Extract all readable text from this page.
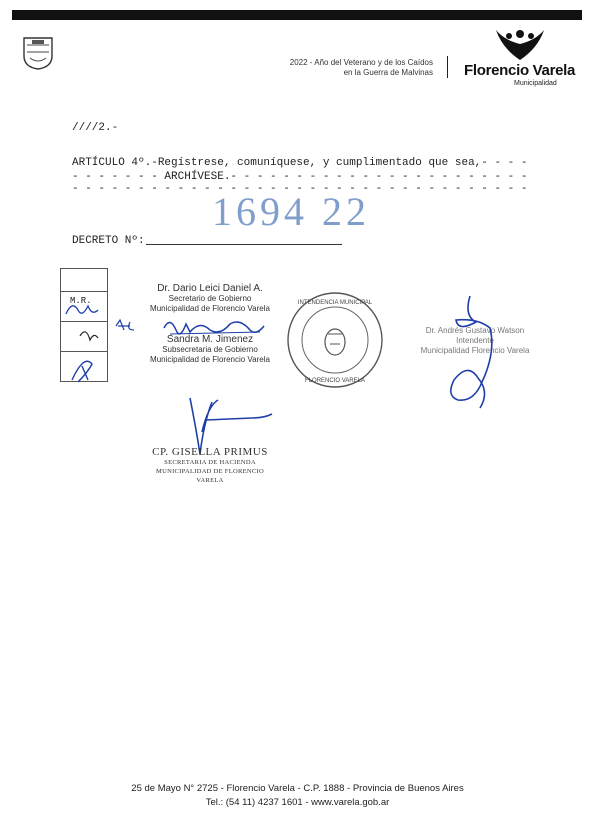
2022 - Año del Veterano y de los Caídos
en la Guerra de Malvinas Florencio Varela
Municipalidad
////2.-
ARTÍCULO 4º.-Regístrese, comuníquese, y cumplimentado que sea,- - - -
- - - - - - - ARCHÍVESE.- - - - - - - - - - - - - - - - - - - - - - -
- - - - - - - - - - - - - - - - - - - - - - - - - - - - - - - - - - -
1694 22
DECRETO Nº:
M.R.
Dr. Dario Leici Daniel A.
Secretario de Gobierno
Municipalidad de Florencio Varela
Sandra M. Jimenez
Subsecretaria de Gobierno
Municipalidad de Florencio Varela
INTENDENCIA MUNICIPAL
FLORENCIO VARELA
Dr. Andrés Gustavo Watson
Intendente
Municipalidad Florencio Varela
CP. GISELLA PRIMUS
SECRETARIA DE HACIENDA
MUNICIPALIDAD DE FLORENCIO VARELA
25 de Mayo N° 2725 - Florencio Varela - C.P. 1888 - Provincia de Buenos Aires
Tel.: (54 11) 4237 1601 - www.varela.gob.ar
